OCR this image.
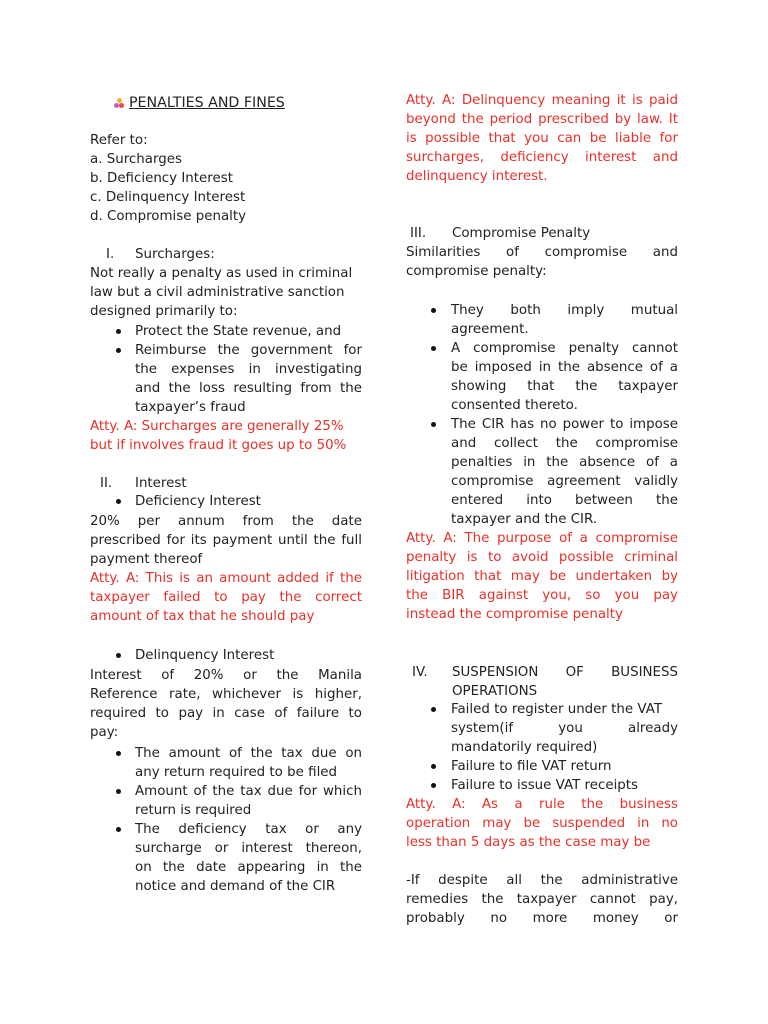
PENALTIES AND FINES
Refer to:
a. Surcharges
b. Deficiency Interest
c. Delinquency Interest
d. Compromise penalty
I. Surcharges:
Not really a penalty as used in criminal
law but a civil administrative sanction
designed primarily to:
Protect the State revenue, and
Reimburse the government for
the expenses in investigating
and the loss resulting from the
taxpayer’s fraud
Atty. A: Surcharges are generally 25%
but if involves fraud it goes up to 50%
II. Interest
Deficiency Interest
20% per annum from the date
prescribed for its payment until the full
payment thereof
Atty. A: This is an amount added if the
taxpayer failed to pay the correct
amount of tax that he should pay
Delinquency Interest
Interest of 20% or the Manila
Reference rate, whichever is higher,
required to pay in case of failure to
pay:
The amount of the tax due on
any return required to be filed
Amount of the tax due for which
return is required
The deficiency tax or any
surcharge or interest thereon,
on the date appearing in the
notice and demand of the CIR
Atty. A: Delinquency meaning it is paid
beyond the period prescribed by law. It
is possible that you can be liable for
surcharges, deficiency interest and
delinquency interest.
III. Compromise Penalty
Similarities of compromise and
compromise penalty:
They both imply mutual
agreement.
A compromise penalty cannot
be imposed in the absence of a
showing that the taxpayer
consented thereto.
The CIR has no power to impose
and collect the compromise
penalties in the absence of a
compromise agreement validly
entered into between the
taxpayer and the CIR.
Atty. A: The purpose of a compromise
penalty is to avoid possible criminal
litigation that may be undertaken by
the BIR against you, so you pay
instead the compromise penalty
IV. SUSPENSION OF BUSINESS
OPERATIONS
Failed to register under the VAT
system(if you already
mandatorily required)
Failure to file VAT return
Failure to issue VAT receipts
Atty. A: As a rule the business
operation may be suspended in no
less than 5 days as the case may be
-If despite all the administrative
remedies the taxpayer cannot pay,
probably no more money or
